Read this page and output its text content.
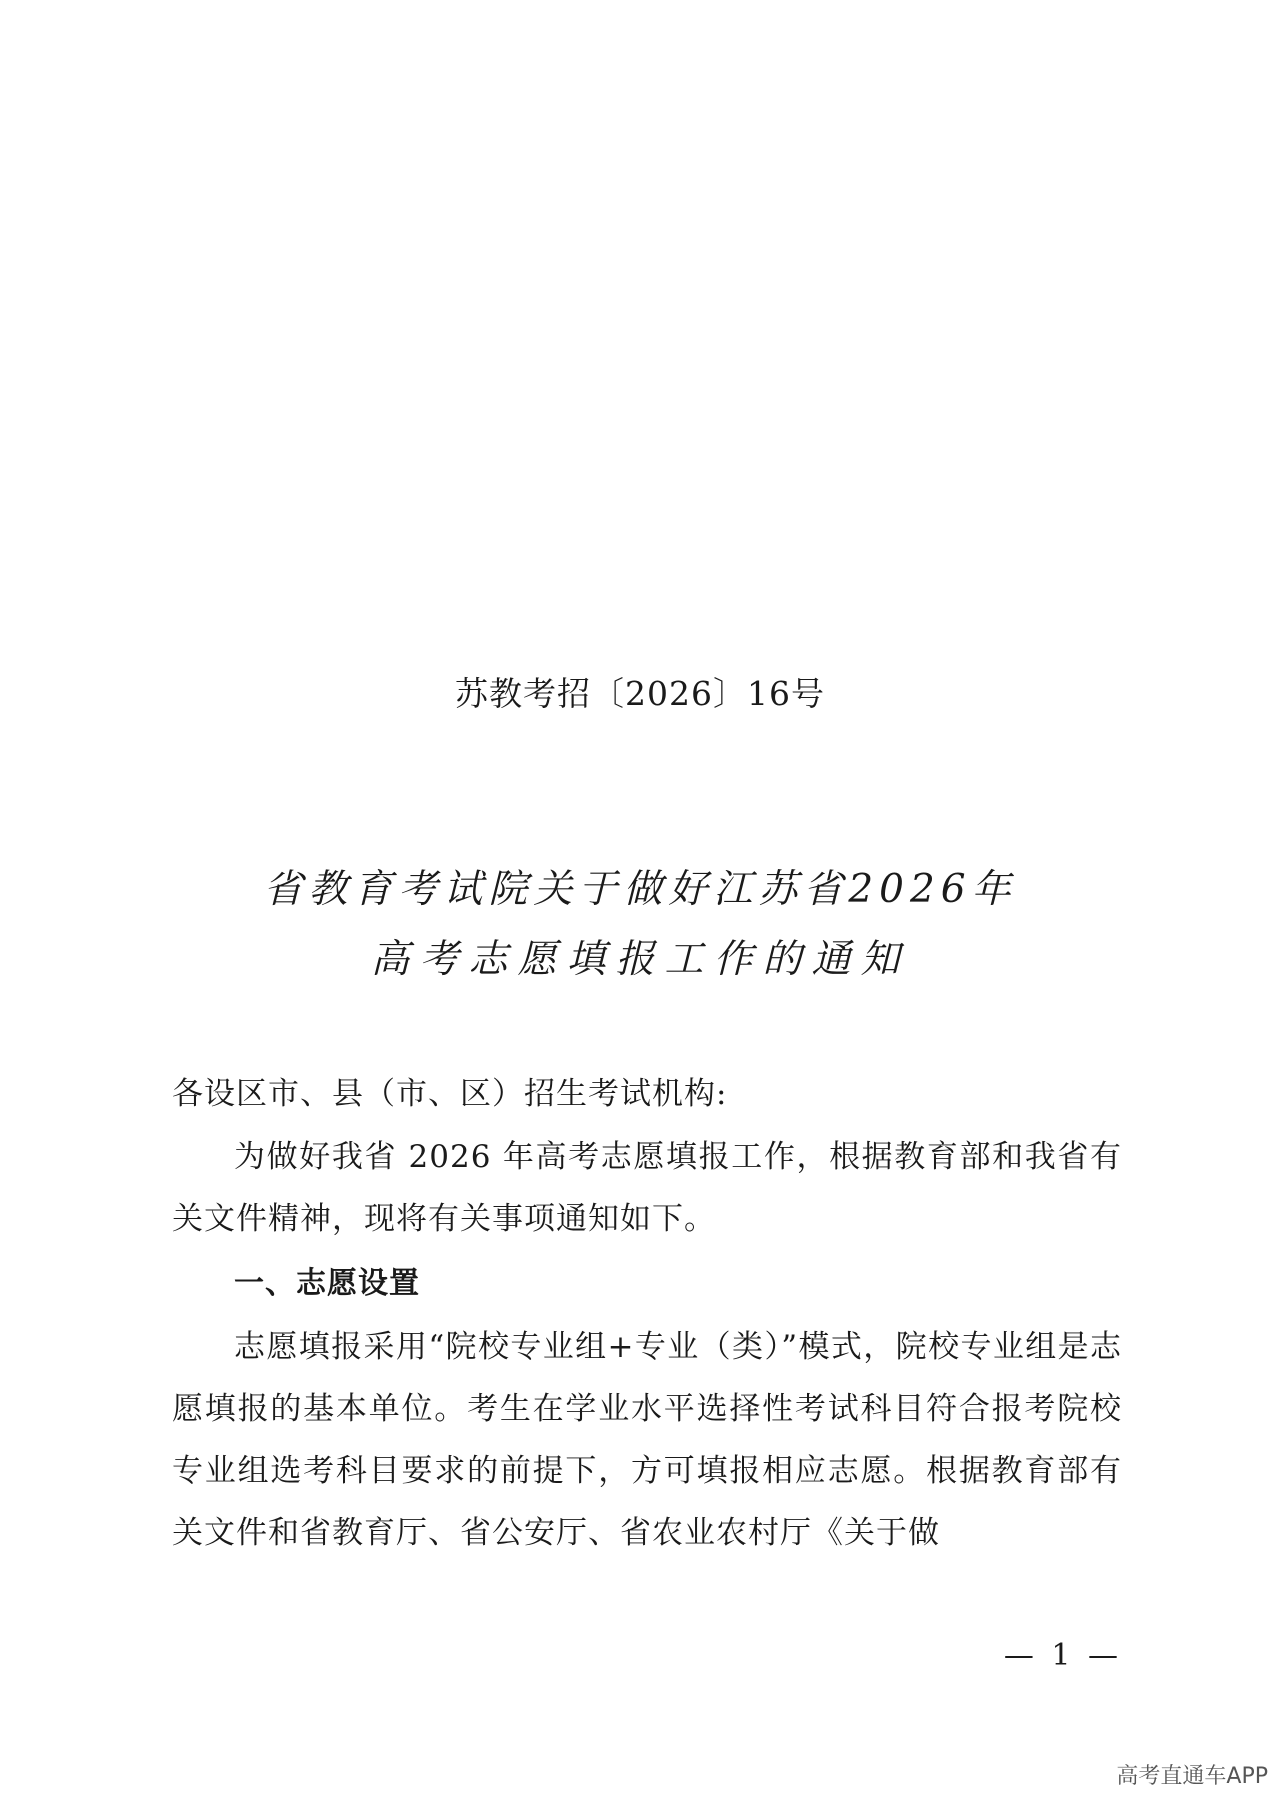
苏教考招〔2026〕16号
省教育考试院关于做好江苏省2026年
高考志愿填报工作的通知
各设区市、县（市、区）招生考试机构:
为做好我省 2026 年高考志愿填报工作，根据教育部和我省有关文件精神，现将有关事项通知如下。
一、志愿设置
志愿填报采用“院校专业组+专业（类）”模式，院校专业组是志愿填报的基本单位。考生在学业水平选择性考试科目符合报考院校专业组选考科目要求的前提下，方可填报相应志愿。根据教育部有关文件和省教育厅、省公安厅、省农业农村厅《关于做
— 1 —
高考直通车APP
